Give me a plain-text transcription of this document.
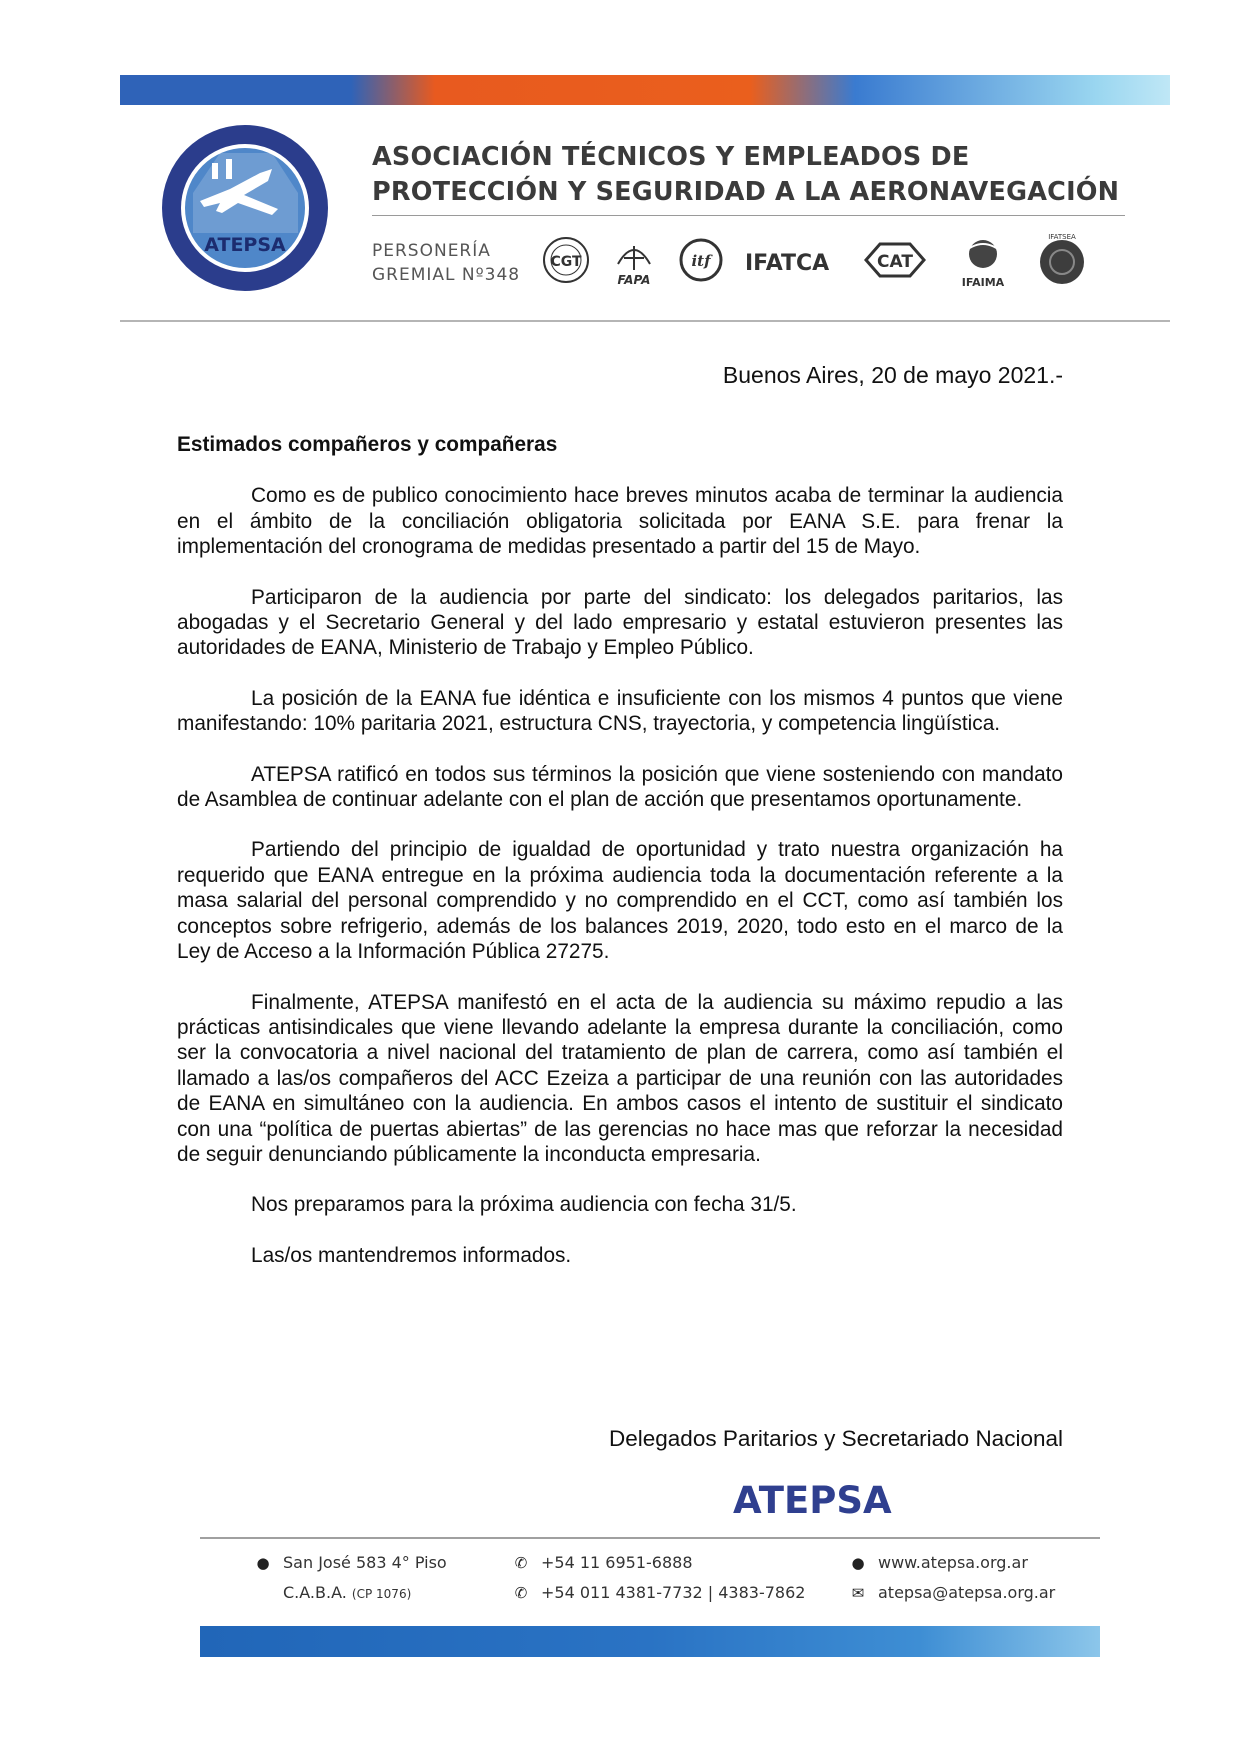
ATEPSA
ASOCIACIÓN TÉCNICOS Y EMPLEADOS DE
PROTECCIÓN Y SEGURIDAD A LA AERONAVEGACIÓN
PERSONERÍA
GREMIAL Nº348
CGT
FAPA
itf IFATCA	CAT
IFAIMA
IFATSEA
Buenos Aires, 20 de mayo 2021.-
Estimados compañeros y compañeras

Como es de publico conocimiento hace breves minutos acaba de terminar la audiencia en el ámbito de la conciliación obligatoria solicitada por EANA S.E. para frenar la implementación del cronograma de medidas presentado a partir del 15 de Mayo.

Participaron de la audiencia por parte del sindicato: los delegados paritarios, las abogadas y el Secretario General y del lado empresario y estatal estuvieron presentes las autoridades de EANA, Ministerio de Trabajo y Empleo Público.

La posición de la EANA fue idéntica e insuficiente con los mismos 4 puntos que viene manifestando: 10% paritaria 2021, estructura CNS, trayectoria, y competencia lingüística.

ATEPSA ratificó en todos sus términos la posición que viene sosteniendo con mandato de Asamblea de continuar adelante con el plan de acción que presentamos oportunamente.

Partiendo del principio de igualdad de oportunidad y trato nuestra organización ha requerido que EANA entregue en la próxima audiencia toda la documentación referente a la masa salarial del personal comprendido y no comprendido en el CCT, como así también los conceptos sobre refrigerio, además de los balances 2019, 2020, todo esto en el marco de la Ley de Acceso a la Información Pública 27275.

Finalmente, ATEPSA manifestó en el acta de la audiencia su máximo repudio a las prácticas antisindicales que viene llevando adelante la empresa durante la conciliación, como ser la convocatoria a nivel nacional del tratamiento de plan de carrera, como así también el llamado a las/os compañeros del ACC Ezeiza a participar de una reunión con las autoridades de EANA en simultáneo con la audiencia. En ambos casos el intento de sustituir el sindicato con una “política de puertas abiertas” de las gerencias no hace mas que reforzar la necesidad de seguir denunciando públicamente la inconducta empresaria.

Nos preparamos para la próxima audiencia con fecha 31/5.

Las/os mantendremos informados.

Delegados Paritarios y Secretariado Nacional
ATEPSA
● San José 583 4° Piso
C.A.B.A. (CP 1076)
✆ +54 11 6951-6888
✆ +54 011 4381-7732 | 4383-7862
● www.atepsa.org.ar
✉ atepsa@atepsa.org.ar
